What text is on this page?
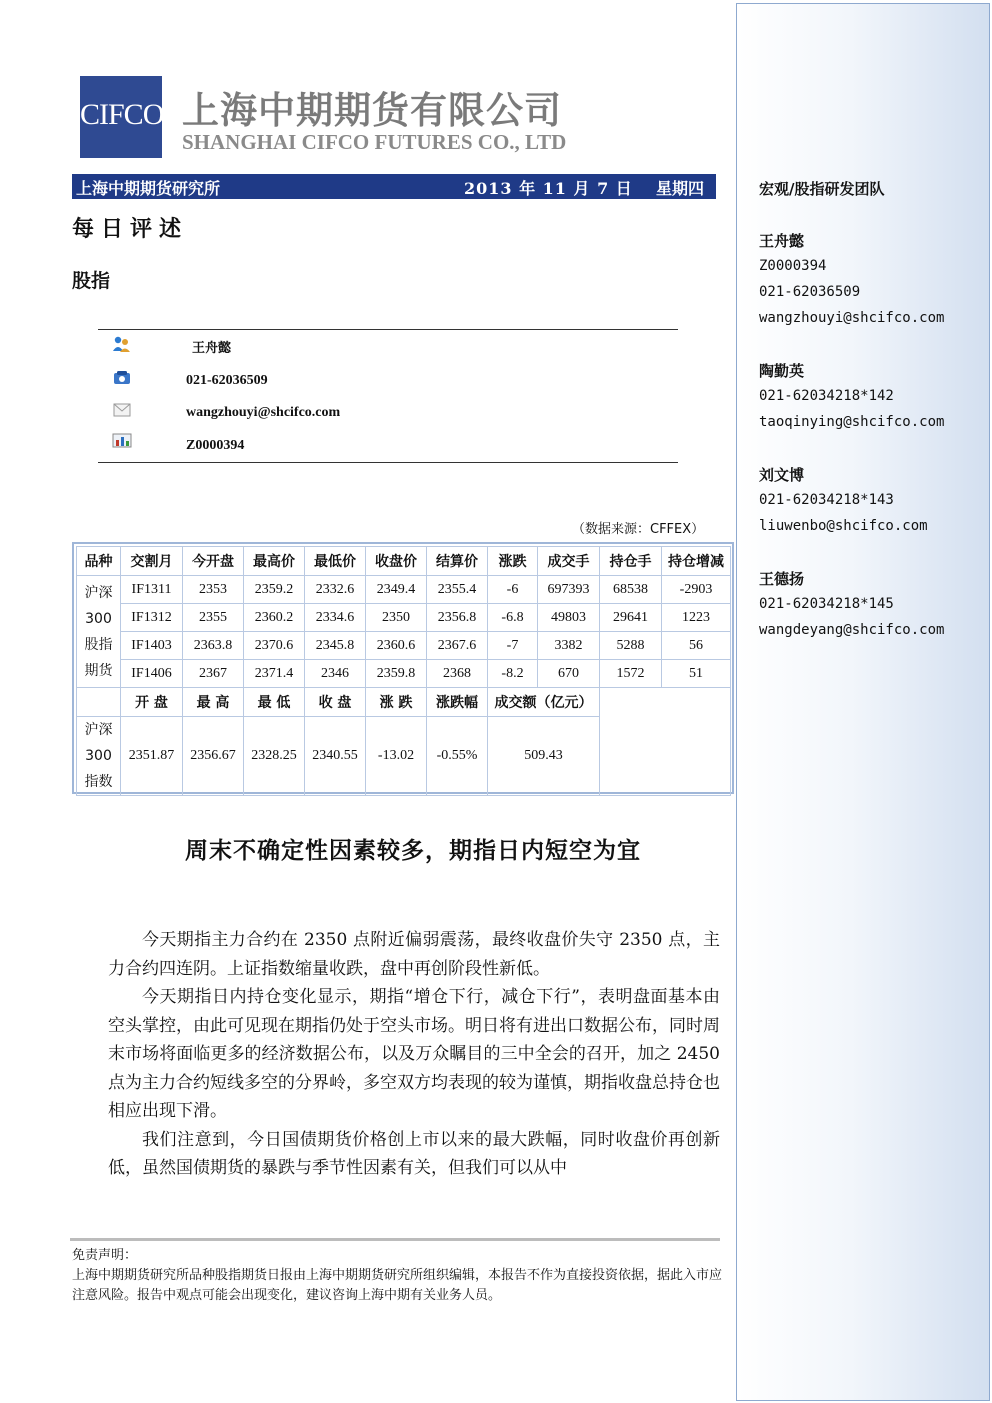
宏观/股指研发团队
王舟懿
Z0000394
021-62036509
wangzhouyi@shcifco.com
陶勤英
021-62034218*142
taoqinying@shcifco.com
刘文博
021-62034218*143
liuwenbo@shcifco.com
王德扬
021-62034218*145
wangdeyang@shcifco.com
CIFCO 上海中期期货有限公司
SHANGHAI CIFCO FUTURES CO., LTD
上海中期期货研究所	2013 年 11 月 7 日 星期四
每日评述
股指
王舟懿
021-62036509
wangzhouyi@shcifco.com
Z0000394
（数据来源：CFFEX）
品种	交割月	今开盘	最高价	最低价	收盘价	结算价	涨跌	成交手	持仓手	持仓增减
沪深300股指期货	IF1311	2353	2359.2	2332.6	2349.4	2355.4	-6	697393	68538	-2903
	IF1312	2355	2360.2	2334.6	2350	2356.8	-6.8	49803	29641	1223
	IF1403	2363.8	2370.6	2345.8	2360.6	2367.6	-7	3382	5288	56
	IF1406	2367	2371.4	2346	2359.8	2368	-8.2	670	1572	51
	开 盘	最 高	最 低	收 盘	涨 跌	涨跌幅	成交额（亿元）			
沪深300指数	2351.87	2356.67	2328.25	2340.55	-13.02	-0.55%	509.43			
周末不确定性因素较多，期指日内短空为宜

今天期指主力合约在 2350 点附近偏弱震荡，最终收盘价失守 2350 点，主力合约四连阴。上证指数缩量收跌，盘中再创阶段性新低。

今天期指日内持仓变化显示，期指“增仓下行，减仓下行”，表明盘面基本由空头掌控，由此可见现在期指仍处于空头市场。明日将有进出口数据公布，同时周末市场将面临更多的经济数据公布，以及万众瞩目的三中全会的召开，加之 2450 点为主力合约短线多空的分界岭，多空双方均表现的较为谨慎，期指收盘总持仓也相应出现下滑。

我们注意到，今日国债期货价格创上市以来的最大跌幅，同时收盘价再创新低，虽然国债期货的暴跌与季节性因素有关，但我们可以从中

免责声明：
上海中期期货研究所品种股指期货日报由上海中期期货研究所组织编辑，本报告不作为直接投资依据，据此入市应注意风险。报告中观点可能会出现变化，建议咨询上海中期有关业务人员。
